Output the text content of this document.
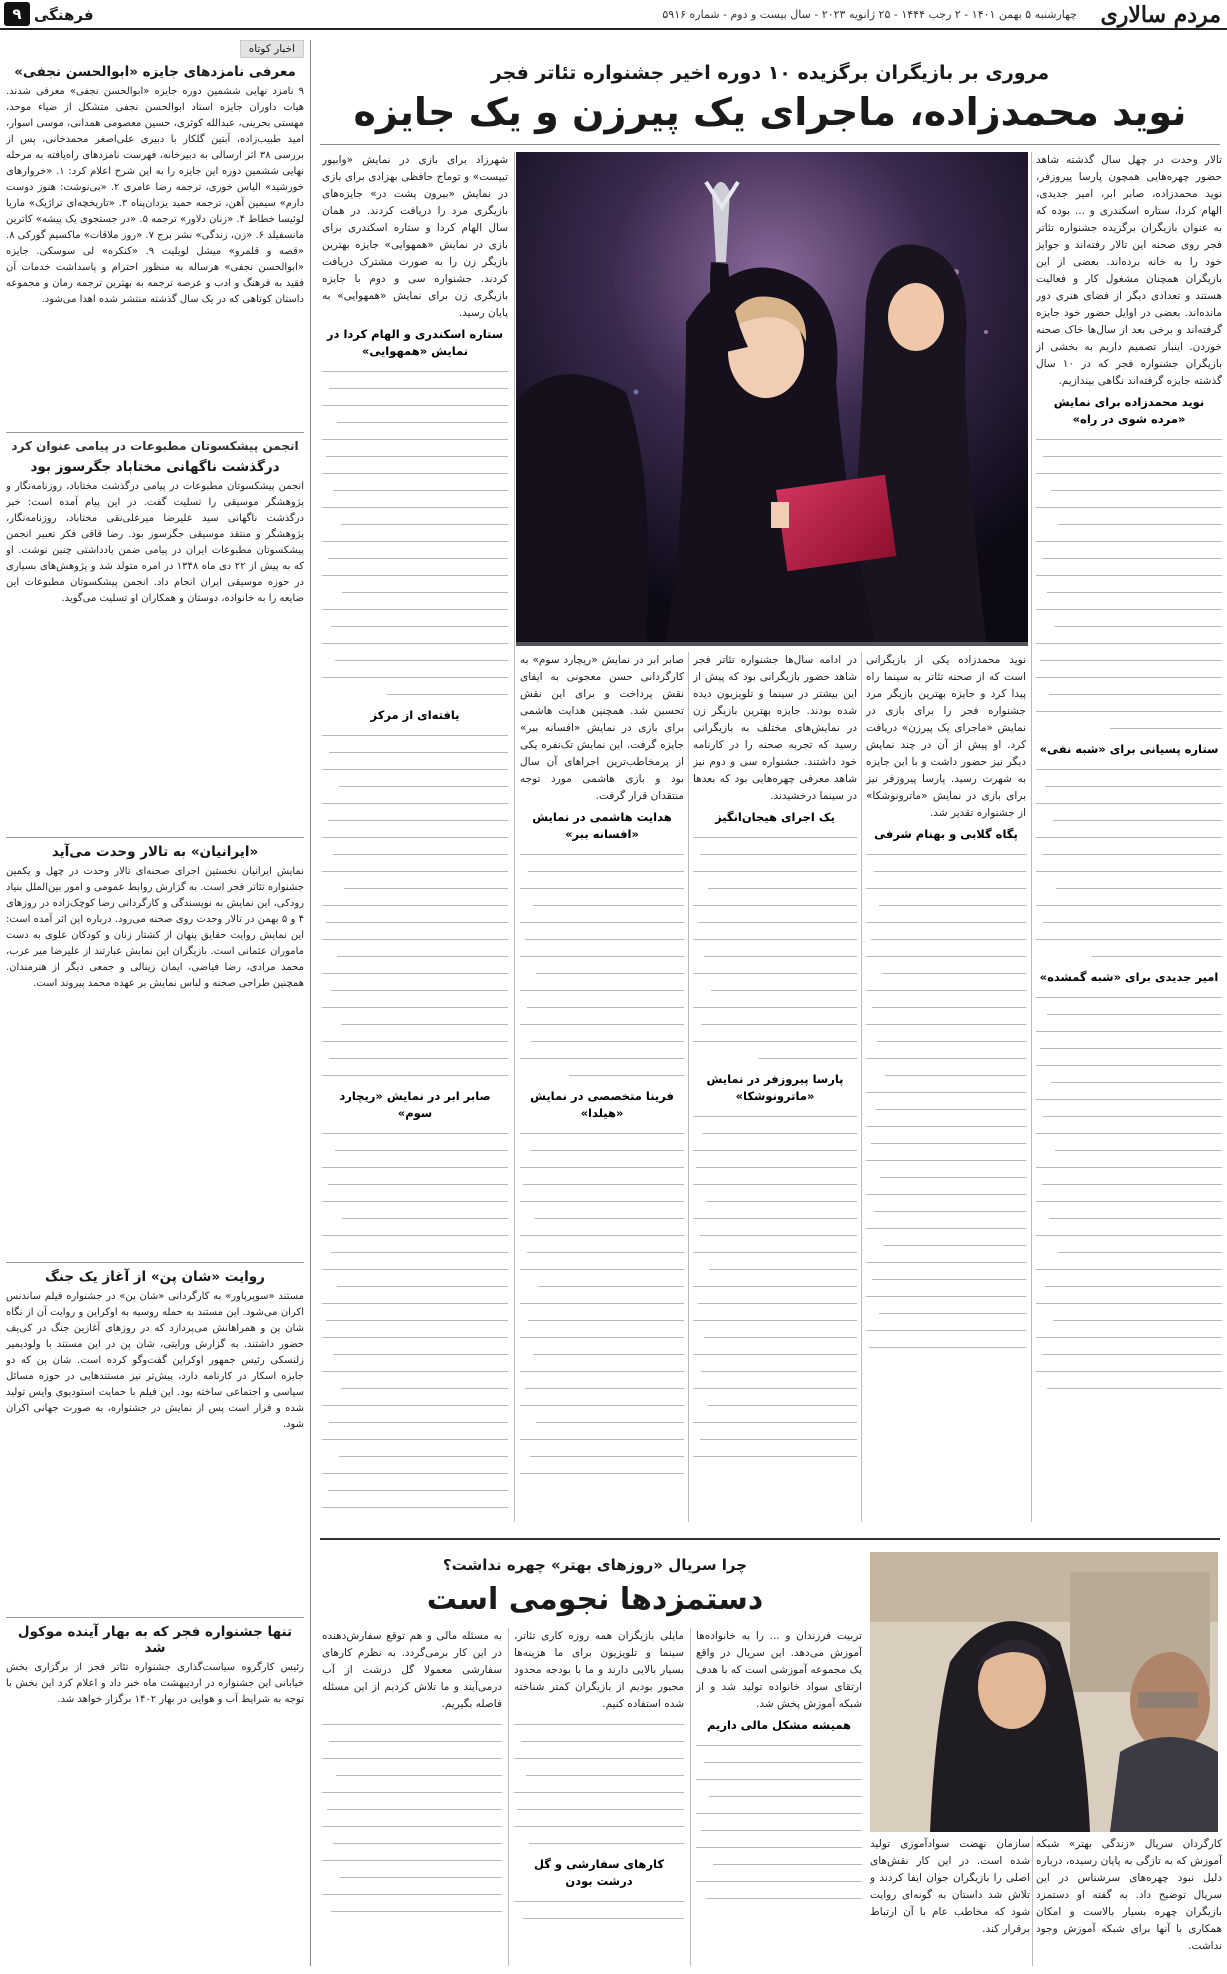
مردم سالاری
چهارشنبه ۵ بهمن ۱۴۰۱ - ۲ رجب ۱۴۴۴ - ۲۵ ژانویه ۲۰۲۳ - سال بیست و دوم - شماره ۵۹۱۶
فرهنگی
۹
اخبار کوتاه
معرفی نامزدهای جایزه «ابوالحسن نجفی»
۹ نامزد نهایی ششمین دوره جایزه «ابوالحسن نجفی» معرفی شدند. هیات داوران جایزه استاد ابوالحسن نجفی متشکل از ضیاء موحد، مهستی بحرینی، عبدالله کوثری، حسین معصومی همدانی، موسی اسوار، امید طبیب‌زاده، آبتین گلکار با دبیری علی‌اصغر محمدخانی، پس از بررسی ۳۸ اثر ارسالی به دبیرخانه، فهرست نامزدهای راه‌یافته به مرحله نهایی ششمین دوره این جایزه را به این شرح اعلام کرد: ۱. «خروارهای خورشید» الیاس خوری، ترجمه رضا عامری ۲. «بی‌نوشت: هنوز دوست دارم» سیمین آهن، ترجمه حمید یزدان‌پناه ۳. «تاریخچه‌ای تراژیک» ماریا لوئیسا خطاط ۴. «زنان دلاور» ترجمه ۵. «در جستجوی یک پیشه» کاترین مانسفیلد ۶. «زن، زندگی» نشر برج ۷. «روز ملاقات» ماکسیم گورکی ۸. «قصه و قلمرو» میشل لویلیت ۹. «کنکره» لی سوسکی. جایزه «ابوالحسن نجفی» هرساله به منظور احترام و پاسداشت خدمات آن فقید به فرهنگ و ادب و عرصه ترجمه به بهترین ترجمه رمان و مجموعه داستان کوتاهی که در یک سال گذشته منتشر شده اهدا می‌شود.
انجمن پیشکسوتان مطبوعات در پیامی عنوان کرد
درگذشت ناگهانی مختاباد جگرسوز بود
انجمن پیشکسوتان مطبوعات در پیامی درگذشت مختاباد، روزنامه‌نگار و پژوهشگر موسیقی را تسلیت گفت. در این پیام آمده است: خبر درگذشت ناگهانی سید علیرضا میرعلی‌نقی مختاباد، روزنامه‌نگار، پژوهشگر و منتقد موسیقی جگرسوز بود. رضا قاقی فکر تعبیر انجمن پیشکسوتان مطبوعات ایران در پیامی ضمن یادداشتی چنین نوشت. او که به پیش از ۲۲ دی ماه ۱۳۴۸ در امره متولد شد و پژوهش‌های بسیاری در حوزه موسیقی ایران انجام داد. انجمن پیشکسوتان مطبوعات این ضایعه را به خانواده، دوستان و همکاران او تسلیت می‌گوید.
«ایرانیان» به تالار وحدت می‌آید
نمایش ایرانیان نخستین اجرای صحنه‌ای تالار وحدت در چهل و یکمین جشنواره تئاتر فجر است. به گزارش روابط عمومی و امور بین‌الملل بنیاد رودکی، این نمایش به نویسندگی و کارگردانی رضا کوچک‌زاده در روزهای ۴ و ۵ بهمن در تالار وحدت روی صحنه می‌رود. درباره این اثر آمده است: این نمایش روایت حقایق پنهان از کشتار زنان و کودکان علوی به دست ماموران عثمانی است. بازیگران این نمایش عبارتند از علیرضا میر عرب، محمد مرادی، رضا فیاضی، ایمان زینالی و جمعی دیگر از هنرمندان. همچنین طراحی صحنه و لباس نمایش بر عهده محمد پیروند است.
روایت «شان پن» از آغاز یک جنگ
مستند «سوپرپاور» به کارگردانی «شان پن» در جشنواره فیلم ساندنس اکران می‌شود. این مستند به حمله روسیه به اوکراین و روایت آن از نگاه شان پن و همراهانش می‌پردازد که در روزهای آغازین جنگ در کی‌یف حضور داشتند. به گزارش ورایتی، شان پن در این مستند با ولودیمیر زلنسکی رئیس جمهور اوکراین گفت‌وگو کرده است. شان پن که دو جایزه اسکار در کارنامه دارد، پیش‌تر نیز مستندهایی در حوزه مسائل سیاسی و اجتماعی ساخته بود. این فیلم با حمایت استودیوی وایس تولید شده و قرار است پس از نمایش در جشنواره، به صورت جهانی اکران شود.
تنها جشنواره فجر که به بهار آینده موکول شد
رئیس کارگروه سیاست‌گذاری جشنواره تئاتر فجر از برگزاری بخش خیابانی این جشنواره در اردیبهشت ماه خبر داد و اعلام کرد این بخش با توجه به شرایط آب و هوایی در بهار ۱۴۰۲ برگزار خواهد شد.
مروری بر بازیگران برگزیده ۱۰ دوره اخیر جشنواره تئاتر فجر
نوید محمدزاده، ماجرای یک پیرزن و یک جایزه

تالار وحدت در چهل سال گذشته شاهد حضور چهره‌هایی همچون پارسا پیروزفر، نوید محمدزاده، صابر ابر، امیر جدیدی، الهام کردا، ستاره اسکندری و ... بوده که به عنوان بازیگران برگزیده جشنواره تئاتر فجر روی صحنه این تالار رفته‌اند و جوایز خود را به خانه برده‌اند. بعضی از این بازیگران همچنان مشغول کار و فعالیت هستند و تعدادی دیگر از فضای هنری دور مانده‌اند. بعضی در اوایل حضور خود جایزه گرفته‌اند و برخی بعد از سال‌ها خاک صحنه خوردن. اینبار تصمیم داریم به بخشی از بازیگران جشنواره فجر که در ۱۰ سال گذشته جایزه گرفته‌اند نگاهی بیندازیم.

نوید محمدزاده برای نمایش «مرده شوی در راه»
ستاره پسیانی برای «شبه نفی»
امیر جدیدی برای «شبه گمشده»

شهرزاد برای بازی در نمایش «وابیور تیپست» و توماج حافظی بهزادی برای بازی در نمایش «بیرون پشت در» جایزه‌های بازیگری مرد را دریافت کردند. در همان سال الهام کردا و ستاره اسکندری برای بازی در نمایش «همهوایی» جایزه بهترین بازیگر زن را به صورت مشترک دریافت کردند. جشنواره سی و دوم با جایزه بازیگری زن برای نمایش «همهوایی» به پایان رسید.

ستاره اسکندری و الهام کردا در نمایش «همهوایی»
یافته‌ای از مرکز
صابر ابر در نمایش «ریچارد سوم»

صابر ابر در نمایش «ریچارد سوم» به کارگردانی حسن معجونی به ایفای نقش پرداخت و برای این نقش تحسین شد. همچنین هدایت هاشمی برای بازی در نمایش «افسانه ببر» جایزه گرفت. این نمایش تک‌نفره یکی از پرمخاطب‌ترین اجراهای آن سال بود و بازی هاشمی مورد توجه منتقدان قرار گرفت.

هدایت هاشمی در نمایش «افسانه ببر»
فرینا متخصصی در نمایش «هیلدا»

در ادامه سال‌ها جشنواره تئاتر فجر شاهد حضور بازیگرانی بود که پیش از این بیشتر در سینما و تلویزیون دیده شده بودند. جایزه بهترین بازیگر زن در نمایش‌های مختلف به بازیگرانی رسید که تجربه صحنه را در کارنامه خود داشتند. جشنواره سی و دوم نیز شاهد معرفی چهره‌هایی بود که بعدها در سینما درخشیدند.

یک اجرای هیجان‌انگیز
پارسا پیروزفر در نمایش «ماترونوشکا»

نوید محمدزاده یکی از بازیگرانی است که از صحنه تئاتر به سینما راه پیدا کرد و جایزه بهترین بازیگر مرد جشنواره فجر را برای بازی در نمایش «ماجرای یک پیرزن» دریافت کرد. او پیش از آن در چند نمایش دیگر نیز حضور داشت و با این جایزه به شهرت رسید. پارسا پیروزفر نیز برای بازی در نمایش «ماترونوشکا» از جشنواره تقدیر شد.

پگاه گلابی و بهنام شرفی
چرا سریال «روزهای بهتر» چهره نداشت؟
دستمزدها نجومی است

کارگردان سریال «زندگی بهتر» شبکه آموزش که به تازگی به پایان رسیده، درباره دلیل نبود چهره‌های سرشناس در این سریال توضیح داد. به گفته او دستمزد بازیگران چهره بسیار بالاست و امکان همکاری با آنها برای شبکه آموزش وجود نداشت.

سازمان نهضت سوادآموزی تولید شده است. در این کار نقش‌های اصلی را بازیگران جوان ایفا کردند و تلاش شد داستان به گونه‌ای روایت شود که مخاطب عام با آن ارتباط برقرار کند.

تربیت فرزندان و ... را به خانواده‌ها آموزش می‌دهد. این سریال در واقع یک مجموعه آموزشی است که با هدف ارتقای سواد خانواده تولید شد و از شبکه آموزش پخش شد.

همیشه مشکل مالی داریم

مایلی بازیگران همه روزه کاری تئاتر، سینما و تلویزیون برای ما هزینه‌ها بسیار بالایی دارند و ما با بودجه محدود مجبور بودیم از بازیگران کمتر شناخته شده استفاده کنیم.

کارهای سفارشی و گل درشت بودن

به مسئله مالی و هم توقع سفارش‌دهنده در این کار برمی‌گردد. به نظرم کارهای سفارشی معمولا گل درشت از آب درمی‌آیند و ما تلاش کردیم از این مسئله فاصله بگیریم.
